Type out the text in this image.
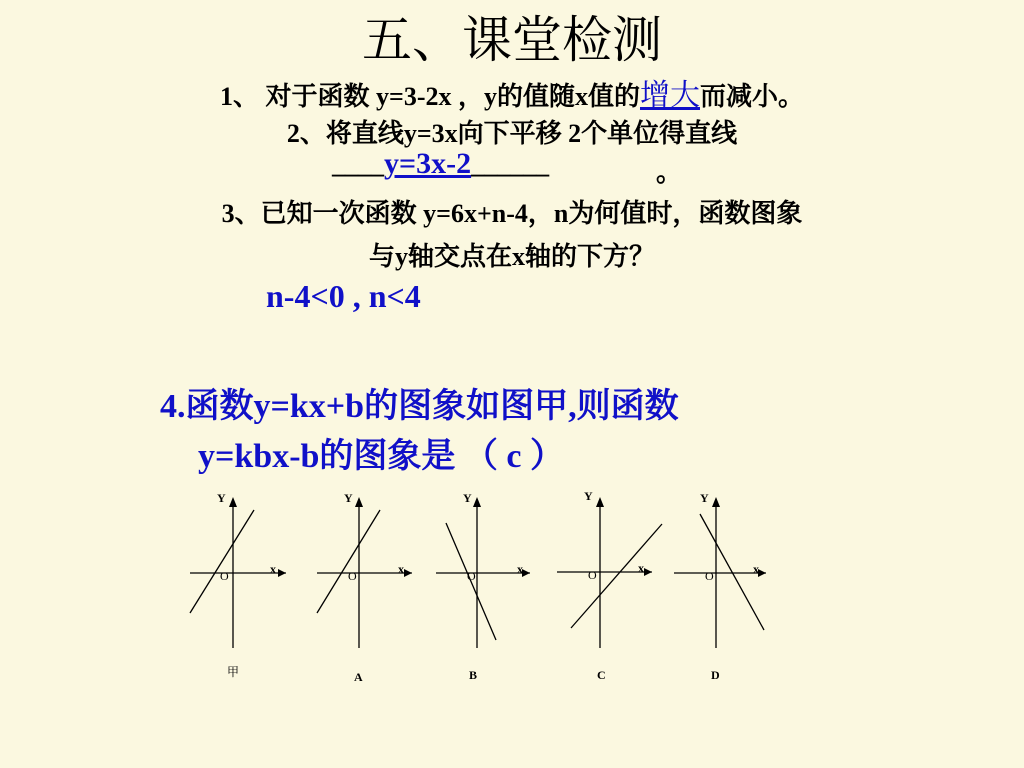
五、课堂检测
1、 对于函数 y=3-2x ，y的值随x值的增大而减小。
2、将直线y=3x向下平移 2个单位得直线
____y=3x-2______	。
3、已知一次函数 y=6x+n-4，n为何值时，函数图象
与y轴交点在x轴的下方？
n-4<0 , n<4
4.函数y=kx+b的图象如图甲,则函数
y=kbx-b的图象是 （ c ）
Y
x
O
甲
Y
x
O
A
Y
x
O
B
Y
x
O
C
Y
x
O
D
